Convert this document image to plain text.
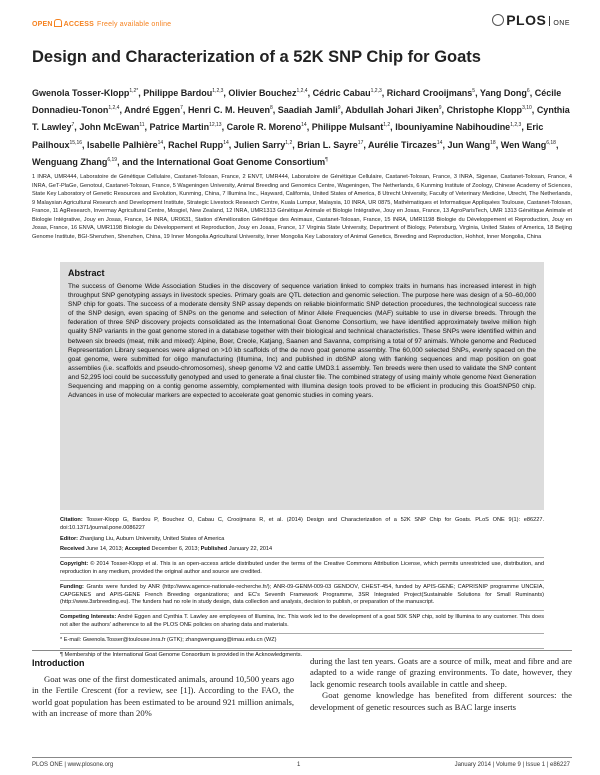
OPEN ACCESS Freely available online	PLOS ONE
Design and Characterization of a 52K SNP Chip for Goats
Gwenola Tosser-Klopp$^{1,2*}$, Philippe Bardou$^{1,2,3}$, Olivier Bouchez$^{1,2,4}$, Cédric Cabau$^{1,2,3}$, Richard Crooijmans$^5$, Yang Dong$^6$, Cécile Donnadieu-Tonon$^{1,2,4}$, André Eggen$^7$, Henri C. M. Heuven$^8$, Saadiah Jamli$^9$, Abdullah Johari Jiken$^9$, Christophe Klopp$^{3,10}$, Cynthia T. Lawley$^7$, John McEwan$^{11}$, Patrice Martin$^{12,13}$, Carole R. Moreno$^{14}$, Philippe Mulsant$^{1,2}$, Ibouniyamine Nabihoudine$^{1,2,3}$, Eric Pailhoux$^{15,16}$, Isabelle Palhière$^{14}$, Rachel Rupp$^{14}$, Julien Sarry$^{1,2}$, Brian L. Sayre$^{17}$, Aurélie Tircazes$^{14}$, Jun Wang$^{18}$, Wen Wang$^{6,18}$, Wenguang Zhang$^{6,19}$, and the International Goat Genome Consortium¶
Abstract

The success of Genome Wide Association Studies in the discovery of sequence variation linked to complex traits in humans has increased interest in high throughput SNP genotyping assays in livestock species. Primary goals are QTL detection and genomic selection. The purpose here was design of a 50–60,000 SNP chip for goats. The success of a moderate density SNP assay depends on reliable bioinformatic SNP detection procedures, the technological success rate of the SNP design, even spacing of SNPs on the genome and selection of Minor Allele Frequencies (MAF) suitable to use in diverse breeds. Through the federation of three SNP discovery projects consolidated as the International Goat Genome Consortium, we have identified approximately twelve million high quality SNP variants in the goat genome stored in a database together with their biological and technical characteristics. These SNPs were identified within and between six breeds (meat, milk and mixed): Alpine, Boer, Creole, Katjang, Saanen and Savanna, comprising a total of 97 animals. Whole genome and Reduced Representation Library sequences were aligned on >10 kb scaffolds of the de novo goat genome assembly. The 60,000 selected SNPs, evenly spaced on the goat genome, were submitted for oligo manufacturing (Illumina, Inc) and published in dbSNP along with flanking sequences and map position on goat assemblies (i.e. scaffolds and pseudo-chromosomes), sheep genome V2 and cattle UMD3.1 assembly. Ten breeds were then used to validate the SNP content and 52,295 loci could be successfully genotyped and used to generate a final cluster file. The combined strategy of using mainly whole genome Next Generation Sequencing and mapping on a contig genome assembly, complemented with Illumina design tools proved to be efficient in producing this GoatSNP50 chip. Advances in use of molecular markers are expected to accelerate goat genomic studies in coming years.

1 INRA, UMR444, Laboratoire de Génétique Cellulaire, Castanet-Tolosan, France, 2 ENVT, UMR444, Laboratoire de Génétique Cellulaire, Castanet-Tolosan, France, 3 INRA, Sigenae, Castanet-Tolosan, France, 4 INRA, GeT-PlaGe, Genotoul, Castanet-Tolosan, France, 5 Wageningen University, Animal Breeding and Genomics Centre, Wageningen, The Netherlands, 6 Kunming Institute of Zoology, Chinese Academy of Sciences, State Key Laboratory of Genetic Resources and Evolution, Kunming, China, 7 Illumina Inc., Hayward, California, United States of America, 8 Utrecht University, Faculty of Veterinary Medicine, Utrecht, The Netherlands, 9 Malaysian Agricultural Research and Development Institute, Strategic Livestock Research Centre, Kuala Lumpur, Malaysia, 10 INRA, UR 0875, Mathématiques et Informatique Appliquées Toulouse, Castanet-Tolosan, France, 11 AgResearch, Invermay Agricultural Centre, Mosgiel, New Zealand, 12 INRA, UMR1313 Génétique Animale et Biologie Intégrative, Jouy en Josas, France, 13 AgroParisTech, UMR 1313 Génétique Animale et Biologie Intégrative, Jouy en Josas, France, 14 INRA, UR0631, Station d'Amélioration Génétique des Animaux, Castanet-Tolosan, France, 15 INRA, UMR1198 Biologie du Développement et Reproduction, Jouy en Josas, France, 16 ENVA, UMR1198 Biologie du Développement et Reproduction, Jouy en Josas, France, 17 Virginia State University, Department of Biology, Petersburg, Virginia, United States of America, 18 Beijing Genome Institute, BGI-Shenzhen, Shenzhen, China, 19 Inner Mongolia Agricultural University, Inner Mongolia Key Laboratory of Animal Genetics, Breeding and Reproduction, Hohhot, Inner Mongolia, China

Citation: Tosser-Klopp G, Bardou P, Bouchez O, Cabau C, Crooijmans R, et al. (2014) Design and Characterization of a 52K SNP Chip for Goats. PLoS ONE 9(1): e86227. doi:10.1371/journal.pone.0086227

Editor: Zhanjiang Liu, Auburn University, United States of America

Received June 14, 2013; Accepted December 6, 2013; Published January 22, 2014

Copyright: © 2014 Tosser-Klopp et al. This is an open-access article distributed under the terms of the Creative Commons Attribution License, which permits unrestricted use, distribution, and reproduction in any medium, provided the original author and source are credited.

Funding: Grants were funded by ANR (http://www.agence-nationale-recherche.fr/); ANR-09-GENM-009-03 GENDOV, CHEST-454, funded by APIS-GENE; CAPRISNIP programme UNCEIA, CAPGENES and APIS-GENE French Breeding organizations; and EC's Seventh Framework Programme, 3SR Integrated Project(Sustainable Solutions for Small Ruminants)(http://www.3srbreeding.eu). The funders had no role in study design, data collection and analysis, decision to publish, or preparation of the manuscript.

Competing Interests: André Eggen and Cynthia T. Lawley are employees of Illumina, Inc. This work led to the development of a goat 50K SNP chip, sold by Illumina to any customer. This does not alter the authors' adherence to all the PLOS ONE policies on sharing data and materials.

* E-mail: Gwenola.Tosser@toulouse.inra.fr (GTK); zhangwenguang@imau.edu.cn (WZ)

¶ Membership of the International Goat Genome Consortium is provided in the Acknowledgments.

Introduction

Goat was one of the first domesticated animals, around 10,500 years ago in the Fertile Crescent (for a review, see [1]). According to the FAO, the world goat population has been estimated to be around 921 million animals, with an increase of more than 20%

during the last ten years. Goats are a source of milk, meat and fibre and are adapted to a wide range of grazing environments. To date, however, they lack genomic research tools available in cattle and sheep.

Goat genome knowledge has benefited from different sources: the development of genetic resources such as BAC large inserts

PLOS ONE | www.plosone.org	1	January 2014 | Volume 9 | Issue 1 | e86227
